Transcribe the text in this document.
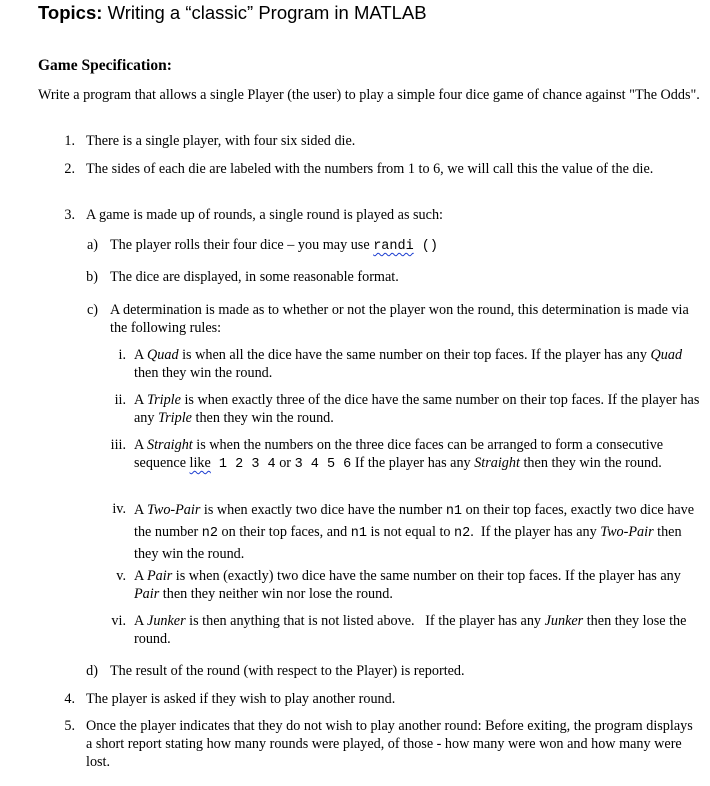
Topics: Writing a “classic” Program in MATLAB
Game Specification:
Write a program that allows a single Player (the user) to play a simple four dice game of chance against "The Odds".
1. There is a single player, with four six sided die.
2. The sides of each die are labeled with the numbers from 1 to 6, we will call this the value of the die.
3. A game is made up of rounds, a single round is played as such:
a) The player rolls their four dice – you may use randi ()
b) The dice are displayed, in some reasonable format.
c) A determination is made as to whether or not the player won the round, this determination is made via the following rules:
i. A Quad is when all the dice have the same number on their top faces. If the player has any Quad then they win the round.
ii. A Triple is when exactly three of the dice have the same number on their top faces. If the player has any Triple then they win the round.
iii. A Straight is when the numbers on the three dice faces can be arranged to form a consecutive sequence like 1 2 3 4 or 3 4 5 6 If the player has any Straight then they win the round.
iv. A Two-Pair is when exactly two dice have the number n1 on their top faces, exactly two dice have the number n2 on their top faces, and n1 is not equal to n2.  If the player has any Two-Pair then they win the round.
v. A Pair is when (exactly) two dice have the same number on their top faces. If the player has any Pair then they neither win nor lose the round.
vi. A Junker is then anything that is not listed above.   If the player has any Junker then they lose the round.
d) The result of the round (with respect to the Player) is reported.
4. The player is asked if they wish to play another round.
5. Once the player indicates that they do not wish to play another round: Before exiting, the program displays a short report stating how many rounds were played, of those - how many were won and how many were lost.
